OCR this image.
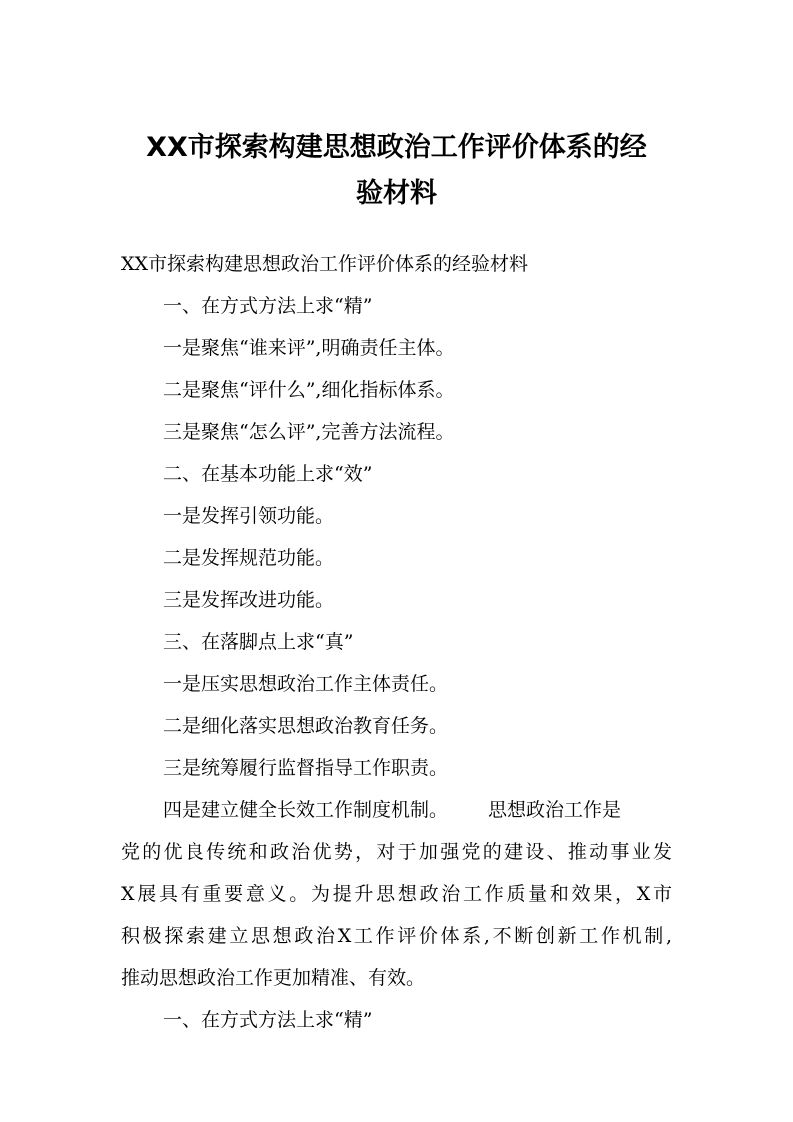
XX市探索构建思想政治工作评价体系的经
验材料
XX市探索构建思想政治工作评价体系的经验材料
一、在方式方法上求“精”
一是聚焦“谁来评”,明确责任主体。
二是聚焦“评什么”,细化指标体系。
三是聚焦“怎么评”,完善方法流程。
二、在基本功能上求“效”
一是发挥引领功能。
二是发挥规范功能。
三是发挥改进功能。
三、在落脚点上求“真”
一是压实思想政治工作主体责任。
二是细化落实思想政治教育任务。
三是统筹履行监督指导工作职责。
四是建立健全长效工作制度机制。 思想政治工作是
党的优良传统和政治优势，对于加强党的建设、推动事业发
X展具有重要意义。为提升思想政治工作质量和效果，X市
积极探索建立思想政治X工作评价体系,不断创新工作机制,
推动思想政治工作更加精准、有效。
一、在方式方法上求“精”
